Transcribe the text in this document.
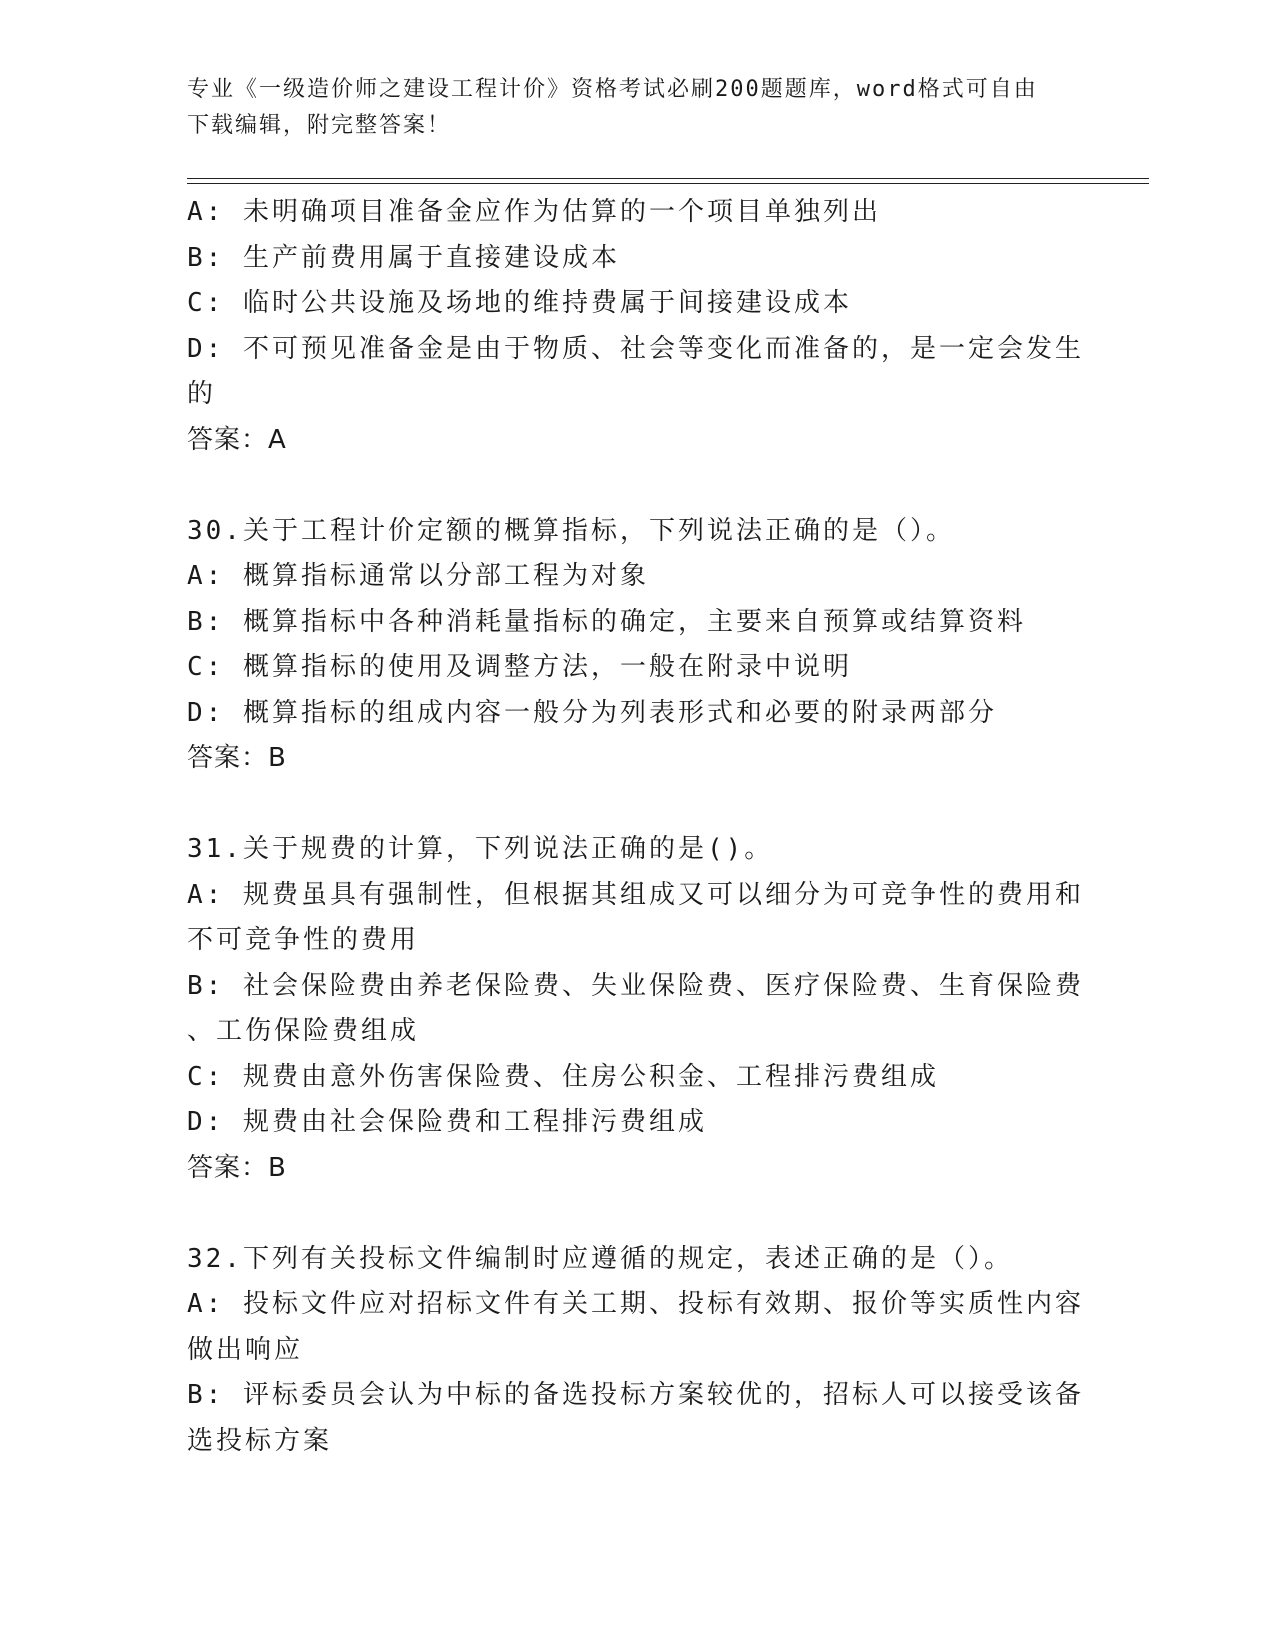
专业《一级造价师之建设工程计价》资格考试必刷200题题库，word格式可自由
下载编辑，附完整答案！
A: 未明确项目准备金应作为估算的一个项目单独列出
B: 生产前费用属于直接建设成本
C: 临时公共设施及场地的维持费属于间接建设成本
D: 不可预见准备金是由于物质、社会等变化而准备的，是一定会发生
的
答案：A
30.关于工程计价定额的概算指标，下列说法正确的是（）。
A: 概算指标通常以分部工程为对象
B: 概算指标中各种消耗量指标的确定，主要来自预算或结算资料
C: 概算指标的使用及调整方法，一般在附录中说明
D: 概算指标的组成内容一般分为列表形式和必要的附录两部分
答案：B
31.关于规费的计算，下列说法正确的是()。
A: 规费虽具有强制性，但根据其组成又可以细分为可竞争性的费用和
不可竞争性的费用
B: 社会保险费由养老保险费、失业保险费、医疗保险费、生育保险费
、工伤保险费组成
C: 规费由意外伤害保险费、住房公积金、工程排污费组成
D: 规费由社会保险费和工程排污费组成
答案：B
32.下列有关投标文件编制时应遵循的规定，表述正确的是（）。
A: 投标文件应对招标文件有关工期、投标有效期、报价等实质性内容
做出响应
B: 评标委员会认为中标的备选投标方案较优的，招标人可以接受该备
选投标方案
